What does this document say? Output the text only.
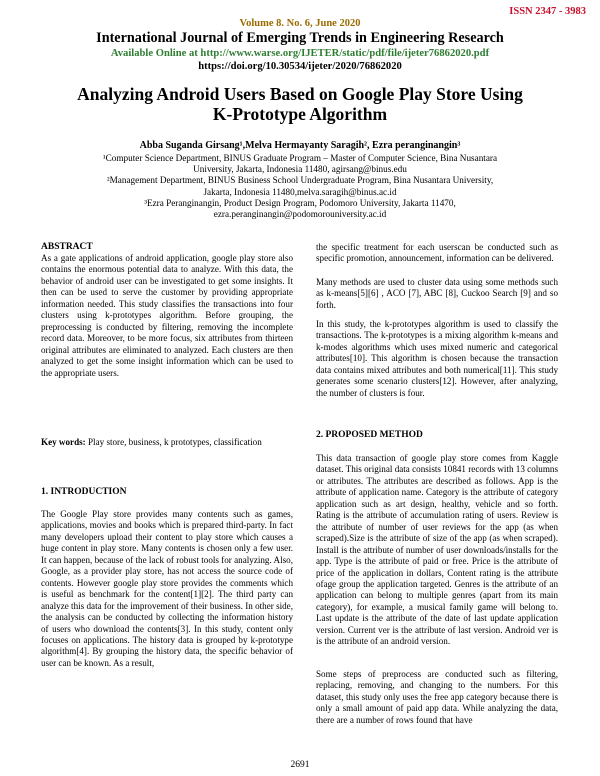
ISSN 2347 - 3983
Volume 8. No. 6, June 2020
International Journal of Emerging Trends in Engineering Research
Available Online at http://www.warse.org/IJETER/static/pdf/file/ijeter76862020.pdf
https://doi.org/10.30534/ijeter/2020/76862020
Analyzing Android Users Based on Google Play Store Using
K-Prototype Algorithm
Abba Suganda Girsang¹,Melva Hermayanty Saragih², Ezra peranginangin³
¹Computer Science Department, BINUS Graduate Program – Master of Computer Science, Bina Nusantara
University, Jakarta, Indonesia 11480, agirsang@binus.edu
²Management Department, BINUS Business School Undergraduate Program, Bina Nusantara University,
Jakarta, Indonesia 11480,melva.saragih@binus.ac.id
³Ezra Peranginangin, Product Design Program, Podomoro University, Jakarta 11470,
ezra.peranginangin@podomorouniversity.ac.id
ABSTRACT

As a gate applications of android application, google play store also contains the enormous potential data to analyze. With this data, the behavior of android user can be investigated to get some insights. It then can be used to serve the customer by providing appropriate information needed. This study classifies the transactions into four clusters using k-prototypes algorithm. Before grouping, the preprocessing is conducted by filtering, removing the incomplete record data. Moreover, to be more focus, six attributes from thirteen original attributes are eliminated to analyzed. Each clusters are then analyzed to get the some insight information which can be used to the appropriate users.

Key words: Play store, business, k prototypes, classification

1. INTRODUCTION

The Google Play store provides many contents such as games, applications, movies and books which is prepared third-party. In fact many developers upload their content to play store which causes a huge content in play store. Many contents is chosen only a few user. It can happen, because of the lack of robust tools for analyzing. Also, Google, as a provider play store, has not access the source code of contents. However google play store provides the comments which is useful as benchmark for the content[1][2]. The third party can analyze this data for the improvement of their business. In other side, the analysis can be conducted by collecting the information history of users who download the contents[3]. In this study, content only focuses on applications. The history data is grouped by k-prototype algorithm[4]. By grouping the history data, the specific behavior of user can be known. As a result,

the specific treatment for each userscan be conducted such as specific promotion, announcement, information can be delivered.

Many methods are used to cluster data using some methods such as k-means[5][6] , ACO [7], ABC [8], Cuckoo Search [9] and so forth.

In this study, the k-prototypes algorithm is used to classify the transactions. The k-prototypes is a mixing algorithm k-means and k-modes algorithms which uses mixed numeric and categorical attributes[10]. This algorithm is chosen because the transaction data contains mixed attributes and both numerical[11]. This study generates some scenario clusters[12]. However, after analyzing, the number of clusters is four.

2. PROPOSED METHOD

This data transaction of google play store comes from Kaggle dataset. This original data consists 10841 records with 13 columns or attributes. The attributes are described as follows. App is the attribute of application name. Category is the attribute of category application such as art design, healthy, vehicle and so forth. Rating is the attribute of accumulation rating of users. Review is the attribute of number of user reviews for the app (as when scraped).Size is the attribute of size of the app (as when scraped). Install is the attribute of number of user downloads/installs for the app. Type is the attribute of paid or free. Price is the attribute of price of the application in dollars, Content rating is the attribute ofage group the application targeted. Genres is the attribute of an application can belong to multiple genres (apart from its main category), for example, a musical family game will belong to. Last update is the attribute of the date of last update application version. Current ver is the attribute of last version. Android ver is is the attribute of an android version.

Some steps of preprocess are conducted such as filtering, replacing, removing, and changing to the numbers. For this dataset, this study only uses the free app category because there is only a small amount of paid app data. While analyzing the data, there are a number of rows found that have

2691
